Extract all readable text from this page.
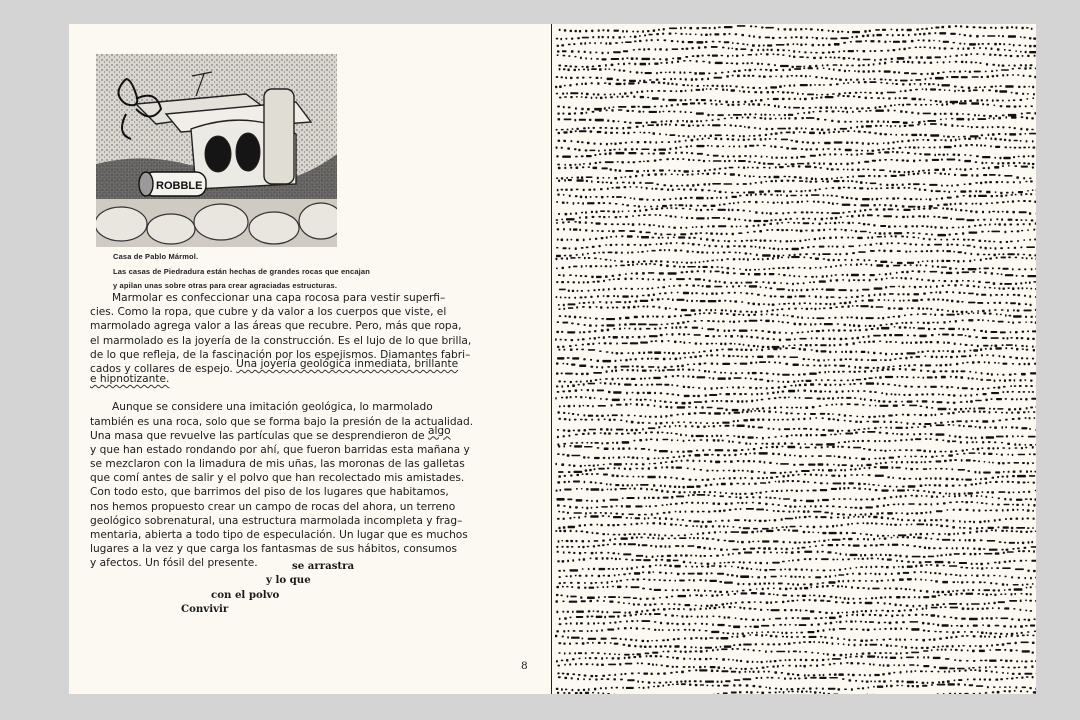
ROBBLE
Casa de Pablo Mármol.
Las casas de Piedradura están hechas de grandes rocas que encajan
y apilan unas sobre otras para crear agraciadas estructuras.
Marmolar es confeccionar una capa rocosa para vestir superfi–
cies. Como la ropa, que cubre y da valor a los cuerpos que viste, el
marmolado agrega valor a las áreas que recubre. Pero, más que ropa,
el marmolado es la joyería de la construcción. Es el lujo de lo que brilla,
de lo que refleja, de la fascinación por los espejismos. Diamantes fabri–
cados y collares de espejo. Una joyería geológica inmediata, brillante
e hipnotizante.
Aunque se considere una imitación geológica, lo marmolado
también es una roca, solo que se forma bajo la presión de la actualidad.
Una masa que revuelve las partículas que se desprendieron de algo
y que han estado rondando por ahí, que fueron barridas esta mañana y
se mezclaron con la limadura de mis uñas, las moronas de las galletas
que comí antes de salir y el polvo que han recolectado mis amistades.
Con todo esto, que barrimos del piso de los lugares que habitamos,
nos hemos propuesto crear un campo de rocas del ahora, un terreno
geológico sobrenatural, una estructura marmolada incompleta y frag–
mentaria, abierta a todo tipo de especulación. Un lugar que es muchos
lugares a la vez y que carga los fantasmas de sus hábitos, consumos
y afectos. Un fósil del presente.	se arrastra
y lo que
con el polvo
Convivir
8
